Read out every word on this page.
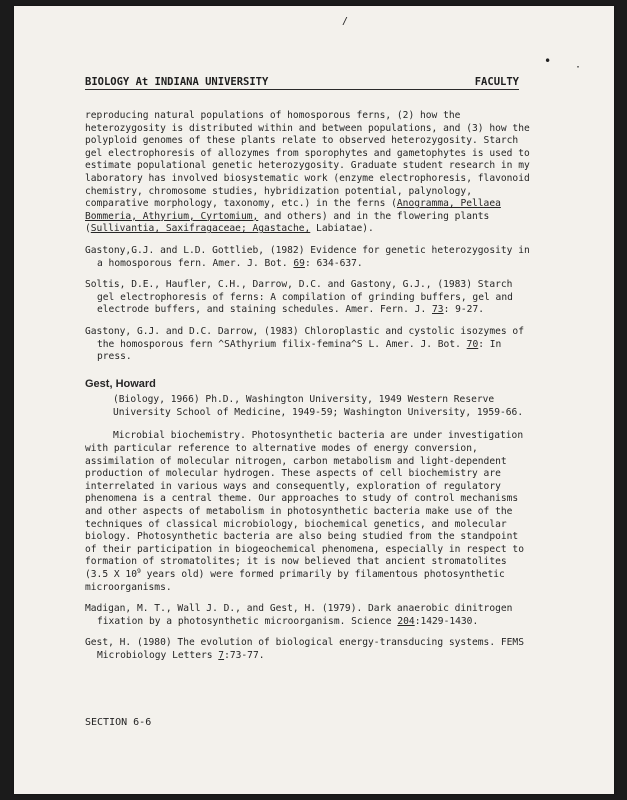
/
• ·
BIOLOGY At INDIANA UNIVERSITY	FACULTY

reproducing natural populations of homosporous ferns, (2) how the heterozygosity is distributed within and between populations, and (3) how the polyploid genomes of these plants relate to observed heterozygosity. Starch gel electrophoresis of allozymes from sporophytes and gametophytes is used to estimate populational genetic heterozygosity. Graduate student research in my laboratory has involved biosystematic work (enzyme electrophoresis, flavonoid chemistry, chromosome studies, hybridization potential, palynology, comparative morphology, taxonomy, etc.) in the ferns (Anogramma, Pellaea Bommeria, Athyrium, Cyrtomium, and others) and in the flowering plants (Sullivantia, Saxifragaceae; Agastache, Labiatae).

Gastony,G.J. and L.D. Gottlieb, (1982) Evidence for genetic heterozygosity in a homosporous fern. Amer. J. Bot. 69: 634-637.

Soltis, D.E., Haufler, C.H., Darrow, D.C. and Gastony, G.J., (1983) Starch gel electrophoresis of ferns: A compilation of grinding buffers, gel and electrode buffers, and staining schedules. Amer. Fern. J. 73: 9-27.

Gastony, G.J. and D.C. Darrow, (1983) Chloroplastic and cystolic isozymes of the homosporous fern ^SAthyrium filix-femina^S L. Amer. J. Bot. 70: In press.

Gest, Howard

(Biology, 1966) Ph.D., Washington University, 1949 Western Reserve University School of Medicine, 1949-59; Washington University, 1959-66.

Microbial biochemistry. Photosynthetic bacteria are under investigation with particular reference to alternative modes of energy conversion, assimilation of molecular nitrogen, carbon metabolism and light-dependent production of molecular hydrogen. These aspects of cell biochemistry are interrelated in various ways and consequently, exploration of regulatory phenomena is a central theme. Our approaches to study of control mechanisms and other aspects of metabolism in photosynthetic bacteria make use of the techniques of classical microbiology, biochemical genetics, and molecular biology. Photosynthetic bacteria are also being studied from the standpoint of their participation in biogeochemical phenomena, especially in respect to formation of stromatolites; it is now believed that ancient stromatolites (3.5 X $10^9$ years old) were formed primarily by filamentous photosynthetic microorganisms.

Madigan, M. T., Wall J. D., and Gest, H. (1979). Dark anaerobic dinitrogen fixation by a photosynthetic microorganism. Science 204:1429-1430.

Gest, H. (1980) The evolution of biological energy-transducing systems. FEMS Microbiology Letters 7:73-77.

SECTION 6-6
